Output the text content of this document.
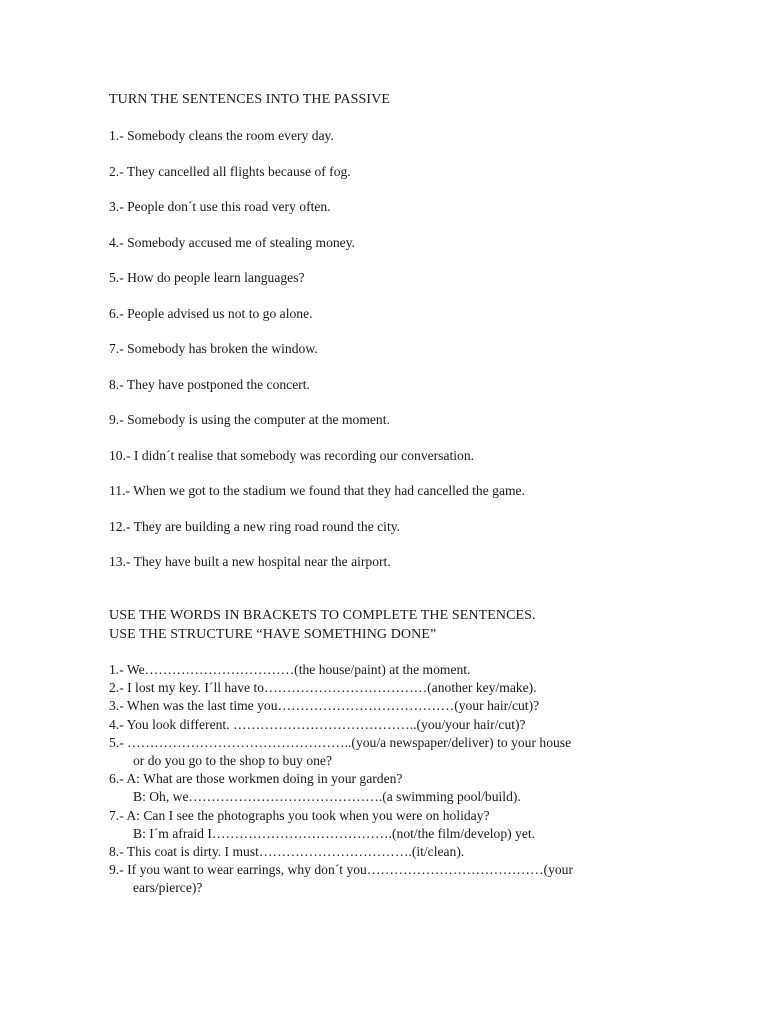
TURN THE SENTENCES INTO THE PASSIVE
1.- Somebody cleans the room every day.
2.- They cancelled all flights because of fog.
3.- People don´t use this road very often.
4.- Somebody accused me of stealing money.
5.- How do people learn languages?
6.- People advised us not to go alone.
7.- Somebody has broken the window.
8.- They have postponed the concert.
9.- Somebody is using the computer at the moment.
10.- I didn´t realise that somebody was recording our conversation.
11.- When we got to the stadium we found that they had cancelled the game.
12.- They are building a new ring road round the city.
13.- They have built a new hospital near the airport.
USE THE WORDS IN BRACKETS TO COMPLETE THE SENTENCES.
USE THE STRUCTURE “HAVE SOMETHING DONE”
1.- We……………………………(the house/paint) at the moment.
2.- I lost my key. I´ll have to………………………………(another key/make).
3.- When was the last time you…………………………………(your hair/cut)?
4.- You look different. …………………………………..(you/your hair/cut)?
5.- …………………………………………..(you/a newspaper/deliver) to your house
or do you go to the shop to buy one?
6.- A: What are those workmen doing in your garden?
B: Oh, we…………………………………….(a swimming pool/build).
7.- A: Can I see the photographs you took when you were on holiday?
B: I´m afraid I………………………………….(not/the film/develop) yet.
8.- This coat is dirty. I must…………………………….(it/clean).
9.- If you want to wear earrings, why don´t you…………………………………(your
ears/pierce)?
